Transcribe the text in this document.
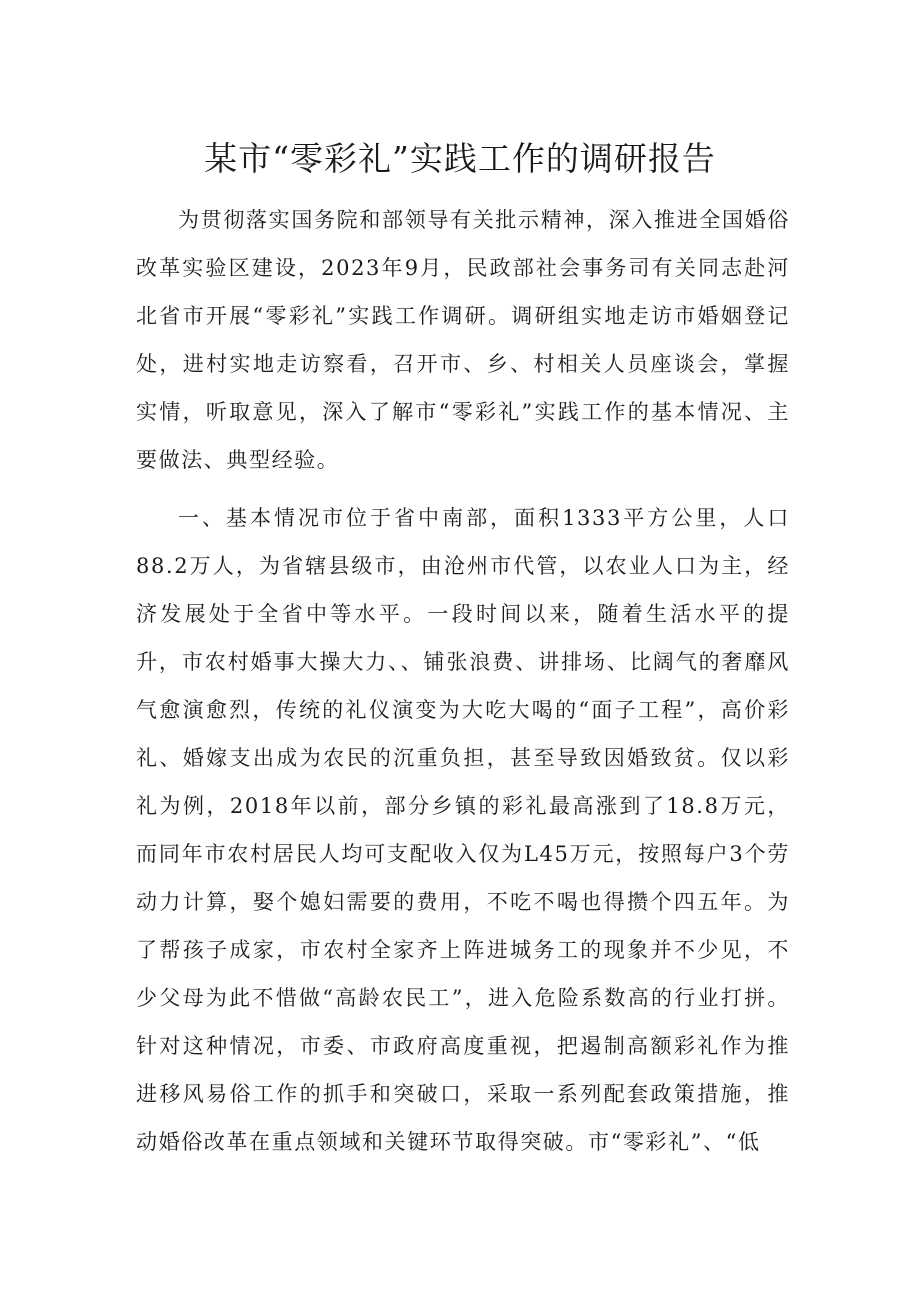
某市“零彩礼”实践工作的调研报告

为贯彻落实国务院和部领导有关批示精神，深入推进全国婚俗改革实验区建设，2023年9月，民政部社会事务司有关同志赴河北省市开展“零彩礼”实践工作调研。调研组实地走访市婚姻登记处，进村实地走访察看，召开市、乡、村相关人员座谈会，掌握实情，听取意见，深入了解市“零彩礼”实践工作的基本情况、主要做法、典型经验。

一、基本情况市位于省中南部，面积1333平方公里，人口88.2万人，为省辖县级市，由沧州市代管，以农业人口为主，经济发展处于全省中等水平。一段时间以来，随着生活水平的提升，市农村婚事大操大力、、铺张浪费、讲排场、比阔气的奢靡风气愈演愈烈，传统的礼仪演变为大吃大喝的“面子工程”，高价彩礼、婚嫁支出成为农民的沉重负担，甚至导致因婚致贫。仅以彩礼为例，2018年以前，部分乡镇的彩礼最高涨到了18.8万元，而同年市农村居民人均可支配收入仅为L45万元，按照每户3个劳动力计算，娶个媳妇需要的费用，不吃不喝也得攒个四五年。为了帮孩子成家，市农村全家齐上阵进城务工的现象并不少见，不少父母为此不惜做“高龄农民工”，进入危险系数高的行业打拼。针对这种情况，市委、市政府高度重视，把遏制高额彩礼作为推进移风易俗工作的抓手和突破口，采取一系列配套政策措施，推动婚俗改革在重点领域和关键环节取得突破。市“零彩礼”、“低
